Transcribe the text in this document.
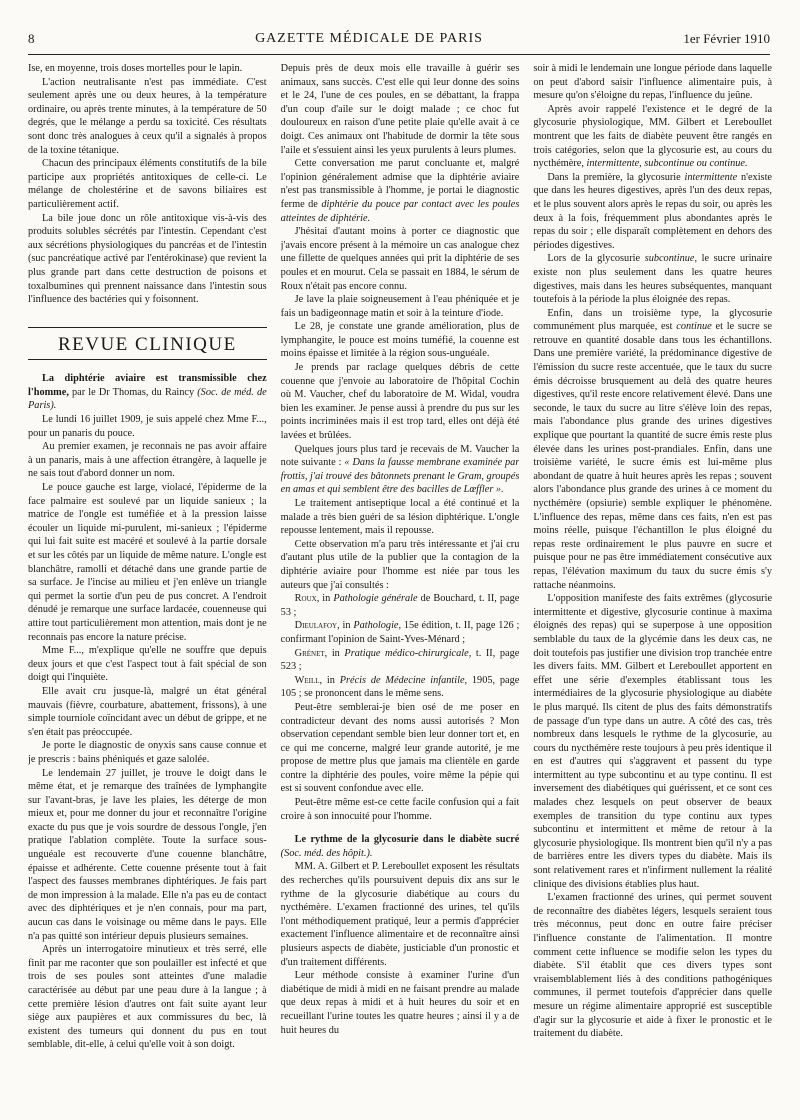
8	GAZETTE MÉDICALE DE PARIS	1er Février 1910

Ise, en moyenne, trois doses mortelles pour le lapin.

L'action neutralisante n'est pas immédiate. C'est seulement après une ou deux heures, à la température ordinaire, ou après trente minutes, à la température de 50 degrés, que le mélange a perdu sa toxicité. Ces résultats sont donc très analogues à ceux qu'il a signalés à propos de la toxine tétanique.

Chacun des principaux éléments constitutifs de la bile participe aux propriétés antitoxiques de celle-ci. Le mélange de cholestérine et de savons biliaires est particulièrement actif.

La bile joue donc un rôle antitoxique vis-à-vis des produits solubles sécrétés par l'intestin. Cependant c'est aux sécrétions physiologiques du pancréas et de l'intestin (suc pancréatique activé par l'entérokinase) que revient la plus grande part dans cette destruction de poisons et toxalbumines qui prennent naissance dans l'intestin sous l'influence des bactéries qui y foisonnent.

REVUE CLINIQUE

La diphtérie aviaire est transmissible chez l'homme, par le Dr Thomas, du Raincy (Soc. de méd. de Paris).

Le lundi 16 juillet 1909, je suis appelé chez Mme F..., pour un panaris du pouce.

Au premier examen, je reconnais ne pas avoir affaire à un panaris, mais à une affection étrangère, à laquelle je ne sais tout d'abord donner un nom.

Le pouce gauche est large, violacé, l'épiderme de la face palmaire est soulevé par un liquide sanieux ; la matrice de l'ongle est tuméfiée et à la pression laisse écouler un liquide mi-purulent, mi-sanieux ; l'épiderme qui lui fait suite est macéré et soulevé à la partie dorsale et sur les côtés par un liquide de même nature. L'ongle est blanchâtre, ramolli et détaché dans une grande partie de sa surface. Je l'incise au milieu et j'en enlève un triangle qui permet la sortie d'un peu de pus concret. A l'endroit dénudé je remarque une surface lardacée, couenneuse qui attire tout particulièrement mon attention, mais dont je ne reconnais pas encore la nature précise.

Mme F..., m'explique qu'elle ne souffre que depuis deux jours et que c'est l'aspect tout à fait spécial de son doigt qui l'inquiète.

Elle avait cru jusque-là, malgré un état général mauvais (fièvre, courbature, abattement, frissons), à une simple tourniole coïncidant avec un début de grippe, et ne s'en était pas préoccupée.

Je porte le diagnostic de onyxis sans cause connue et je prescris : bains phéniqués et gaze salolée.

Le lendemain 27 juillet, je trouve le doigt dans le même état, et je remarque des traînées de lymphangite sur l'avant-bras, je lave les plaies, les déterge de mon mieux et, pour me donner du jour et reconnaître l'origine exacte du pus que je vois sourdre de dessous l'ongle, j'en pratique l'ablation complète. Toute la surface sous-unguéale est recouverte d'une couenne blanchâtre, épaisse et adhérente. Cette couenne présente tout à fait l'aspect des fausses membranes diphtériques. Je fais part de mon impression à la malade. Elle n'a pas eu de contact avec des diphtériques et je n'en connais, pour ma part, aucun cas dans le voisinage ou même dans le pays. Elle n'a pas quitté son intérieur depuis plusieurs semaines.

Après un interrogatoire minutieux et très serré, elle finit par me raconter que son poulailler est infecté et que trois de ses poules sont atteintes d'une maladie caractérisée au début par une peau dure à la langue ; à cette première lésion d'autres ont fait suite ayant leur siège aux paupières et aux commissures du bec, là existent des tumeurs qui donnent du pus en tout semblable, dit-elle, à celui qu'elle voit à son doigt.

Depuis près de deux mois elle travaille à guérir ses animaux, sans succès. C'est elle qui leur donne des soins et le 24, l'une de ces poules, en se débattant, la frappa d'un coup d'aile sur le doigt malade ; ce choc fut douloureux en raison d'une petite plaie qu'elle avait à ce doigt. Ces animaux ont l'habitude de dormir la tête sous l'aile et s'essuient ainsi les yeux purulents à leurs plumes.

Cette conversation me parut concluante et, malgré l'opinion généralement admise que la diphtérie aviaire n'est pas transmissible à l'homme, je portai le diagnostic ferme de diphtérie du pouce par contact avec les poules atteintes de diphtérie.

J'hésitai d'autant moins à porter ce diagnostic que j'avais encore présent à la mémoire un cas analogue chez une fillette de quelques années qui prit la diphtérie de ses poules et en mourut. Cela se passait en 1884, le sérum de Roux n'était pas encore connu.

Je lave la plaie soigneusement à l'eau phéniquée et je fais un badigeonnage matin et soir à la teinture d'iode.

Le 28, je constate une grande amélioration, plus de lymphangite, le pouce est moins tuméfié, la couenne est moins épaisse et limitée à la région sous-unguéale.

Je prends par raclage quelques débris de cette couenne que j'envoie au laboratoire de l'hôpital Cochin où M. Vaucher, chef du laboratoire de M. Widal, voudra bien les examiner. Je pense aussi à prendre du pus sur les points incriminées mais il est trop tard, elles ont déjà été lavées et brûlées.

Quelques jours plus tard je recevais de M. Vaucher la note suivante : « Dans la fausse membrane examinée par frottis, j'ai trouvé des bâtonnets prenant le Gram, groupés en amas et qui semblent être des bacilles de Lœffler ».

Le traitement antiseptique local a été continué et la malade a très bien guéri de sa lésion diphtérique. L'ongle repousse lentement, mais il repousse.

Cette observation m'a paru très intéressante et j'ai cru d'autant plus utile de la publier que la contagion de la diphtérie aviaire pour l'homme est niée par tous les auteurs que j'ai consultés :

Roux, in Pathologie générale de Bouchard, t. II, page 53 ;

Dieulafoy, in Pathologie, 15e édition, t. II, page 126 ; confirmant l'opinion de Saint-Yves-Ménard ;

Grénet, in Pratique médico-chirurgicale, t. II, page 523 ;

Weill, in Précis de Médecine infantile, 1905, page 105 ; se prononcent dans le même sens.

Peut-être semblerai-je bien osé de me poser en contradicteur devant des noms aussi autorisés ? Mon observation cependant semble bien leur donner tort et, en ce qui me concerne, malgré leur grande autorité, je me propose de mettre plus que jamais ma clientèle en garde contre la diphtérie des poules, voire même la pépie qui est si souvent confondue avec elle.

Peut-être même est-ce cette facile confusion qui a fait croire à son innocuité pour l'homme.

Le rythme de la glycosurie dans le diabète sucré (Soc. méd. des hôpit.).

MM. A. Gilbert et P. Lereboullet exposent les résultats des recherches qu'ils poursuivent depuis dix ans sur le rythme de la glycosurie diabétique au cours du nycthémère. L'examen fractionné des urines, tel qu'ils l'ont méthodiquement pratiqué, leur a permis d'apprécier exactement l'influence alimentaire et de reconnaître ainsi plusieurs aspects de diabète, justiciable d'un pronostic et d'un traitement différents.

Leur méthode consiste à examiner l'urine d'un diabétique de midi à midi en ne faisant prendre au malade que deux repas à midi et à huit heures du soir et en recueillant l'urine toutes les quatre heures ; ainsi il y a de huit heures du

soir à midi le lendemain une longue période dans laquelle on peut d'abord saisir l'influence alimentaire puis, à mesure qu'on s'éloigne du repas, l'influence du jeûne.

Après avoir rappelé l'existence et le degré de la glycosurie physiologique, MM. Gilbert et Lereboullet montrent que les faits de diabète peuvent être rangés en trois catégories, selon que la glycosurie est, au cours du nycthémère, intermittente, subcontinue ou continue.

Dans la première, la glycosurie intermittente n'existe que dans les heures digestives, après l'un des deux repas, et le plus souvent alors après le repas du soir, ou après les deux à la fois, fréquemment plus abondantes après le repas du soir ; elle disparaît complètement en dehors des périodes digestives.

Lors de la glycosurie subcontinue, le sucre urinaire existe non plus seulement dans les quatre heures digestives, mais dans les heures subséquentes, manquant toutefois à la période la plus éloignée des repas.

Enfin, dans un troisième type, la glycosurie communément plus marquée, est continue et le sucre se retrouve en quantité dosable dans tous les échantillons. Dans une première variété, la prédominance digestive de l'émission du sucre reste accentuée, que le taux du sucre émis décroisse brusquement au delà des quatre heures digestives, qu'il reste encore relativement élevé. Dans une seconde, le taux du sucre au litre s'élève loin des repas, mais l'abondance plus grande des urines digestives explique que pourtant la quantité de sucre émis reste plus élevée dans les urines post-prandiales. Enfin, dans une troisième variété, le sucre émis est lui-même plus abondant de quatre à huit heures après les repas ; souvent alors l'abondance plus grande des urines à ce moment du nycthémère (opsiurie) semble expliquer le phénomène. L'influence des repas, même dans ces faits, n'en est pas moins réelle, puisque l'échantillon le plus éloigné du repas reste ordinairement le plus pauvre en sucre et puisque pour ne pas être immédiatement consécutive aux repas, l'élévation maximum du taux du sucre émis s'y rattache néanmoins.

L'opposition manifeste des faits extrêmes (glycosurie intermittente et digestive, glycosurie continue à maxima éloignés des repas) qui se superpose à une opposition semblable du taux de la glycémie dans les deux cas, ne doit toutefois pas justifier une division trop tranchée entre les divers faits. MM. Gilbert et Lereboullet apportent en effet une série d'exemples établissant tous les intermédiaires de la glycosurie physiologique au diabète le plus marqué. Ils citent de plus des faits démonstratifs de passage d'un type dans un autre. A côté des cas, très nombreux dans lesquels le rythme de la glycosurie, au cours du nycthémère reste toujours à peu près identique il en est d'autres qui s'aggravent et passent du type intermittent au type subcontinu et au type continu. Il est inversement des diabétiques qui guérissent, et ce sont ces malades chez lesquels on peut observer de beaux exemples de transition du type continu aux types subcontinu et intermittent et même de retour à la glycosurie physiologique. Ils montrent bien qu'il n'y a pas de barrières entre les divers types du diabète. Mais ils sont relativement rares et n'infirment nullement la réalité clinique des divisions établies plus haut.

L'examen fractionné des urines, qui permet souvent de reconnaître des diabètes légers, lesquels seraient tous très méconnus, peut donc en outre faire préciser l'influence constante de l'alimentation. Il montre comment cette influence se modifie selon les types du diabète. S'il établit que ces divers types sont vraisemblablement liés à des conditions pathogéniques communes, il permet toutefois d'apprécier dans quelle mesure un régime alimentaire approprié est susceptible d'agir sur la glycosurie et aide à fixer le pronostic et le traitement du diabète.
